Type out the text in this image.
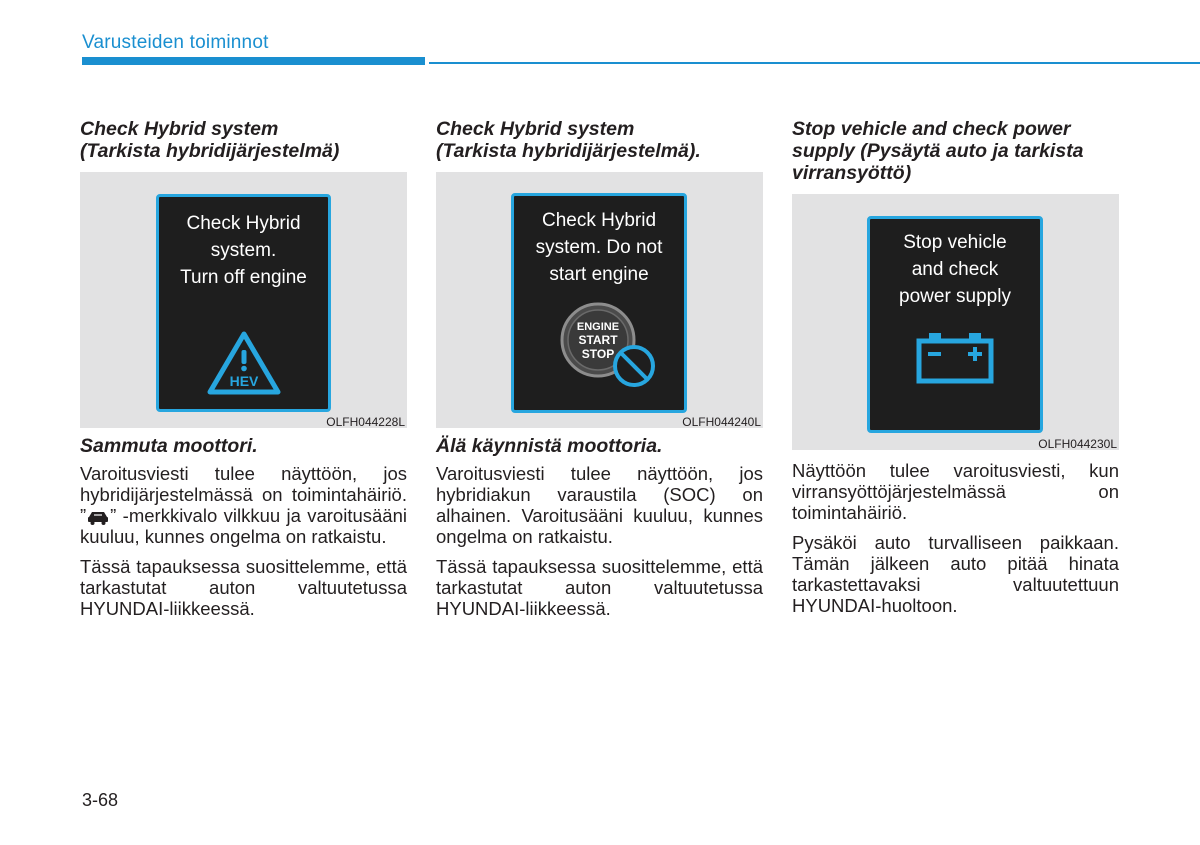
Varusteiden toiminnot
Check Hybrid system
(Tarkista hybridijärjestelmä)
Check Hybrid
system.
Turn off engine
HEV
OLFH044228L
Sammuta moottori.

Varoitusviesti tulee näyttöön, jos hybridijärjestelmässä on toimintahäiriö. ” ” -merkkivalo vilkkuu ja varoitusääni kuuluu, kunnes ongelma on ratkaistu.

Tässä tapauksessa suosittelemme, että tarkastutat auton valtuutetussa HYUNDAI-liikkeessä.

Check Hybrid system
(Tarkista hybridijärjestelmä).
Check Hybrid
system. Do not
start engine
ENGINE
START
STOP
OLFH044240L
Älä käynnistä moottoria.

Varoitusviesti tulee näyttöön, jos hybridiakun varaustila (SOC) on alhainen. Varoitusääni kuuluu, kunnes ongelma on ratkaistu.

Tässä tapauksessa suosittelemme, että tarkastutat auton valtuutetussa HYUNDAI-liikkeessä.

Stop vehicle and check power
supply (Pysäytä auto ja tarkista
virransyöttö)
Stop vehicle
and check
power supply
OLFH044230L

Näyttöön tulee varoitusviesti, kun virransyöttöjärjestelmässä on toimintahäiriö.

Pysäköi auto turvalliseen paikkaan. Tämän jälkeen auto pitää hinata tarkastettavaksi valtuutettuun HYUNDAI-huoltoon.

3-68
